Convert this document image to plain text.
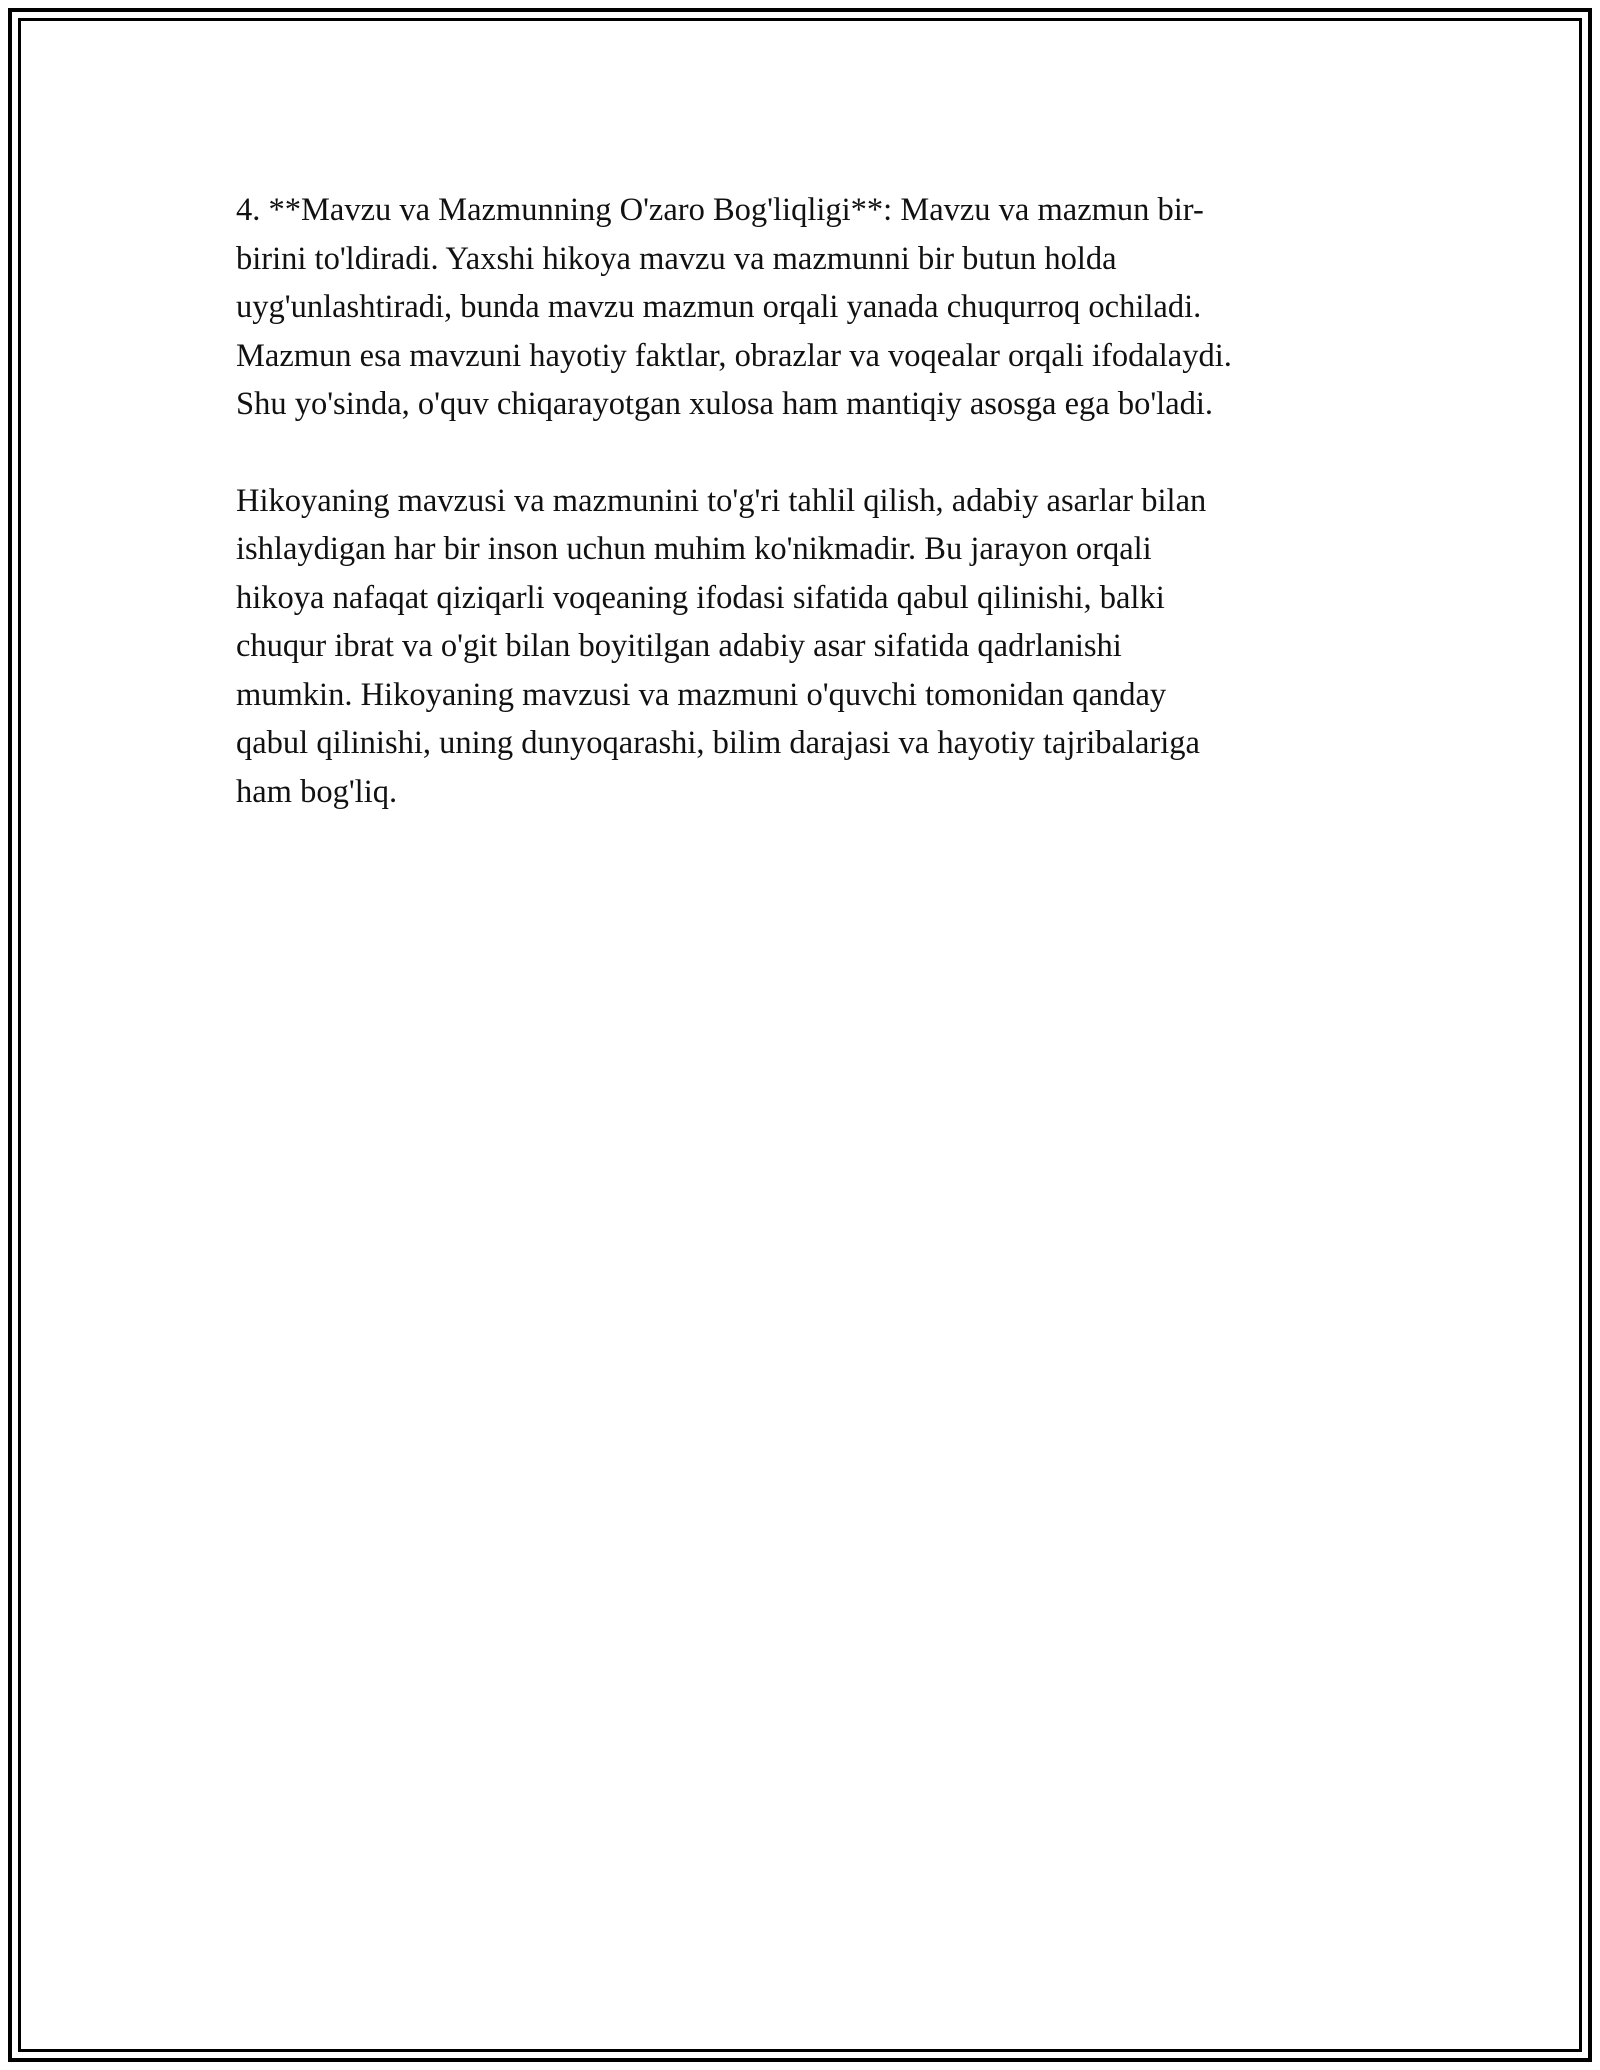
4. **Mavzu va Mazmunning O'zaro Bog'liqligi**: Mavzu va mazmun bir-
birini to'ldiradi. Yaxshi hikoya mavzu va mazmunni bir butun holda
uyg'unlashtiradi, bunda mavzu mazmun orqali yanada chuqurroq ochiladi.
Mazmun esa mavzuni hayotiy faktlar, obrazlar va voqealar orqali ifodalaydi.
Shu yo'sinda, o'quv chiqarayotgan xulosa ham mantiqiy asosga ega bo'ladi.

Hikoyaning mavzusi va mazmunini to'g'ri tahlil qilish, adabiy asarlar bilan
ishlaydigan har bir inson uchun muhim ko'nikmadir. Bu jarayon orqali
hikoya nafaqat qiziqarli voqeaning ifodasi sifatida qabul qilinishi, balki
chuqur ibrat va o'git bilan boyitilgan adabiy asar sifatida qadrlanishi
mumkin. Hikoyaning mavzusi va mazmuni o'quvchi tomonidan qanday
qabul qilinishi, uning dunyoqarashi, bilim darajasi va hayotiy tajribalariga
ham bog'liq.
